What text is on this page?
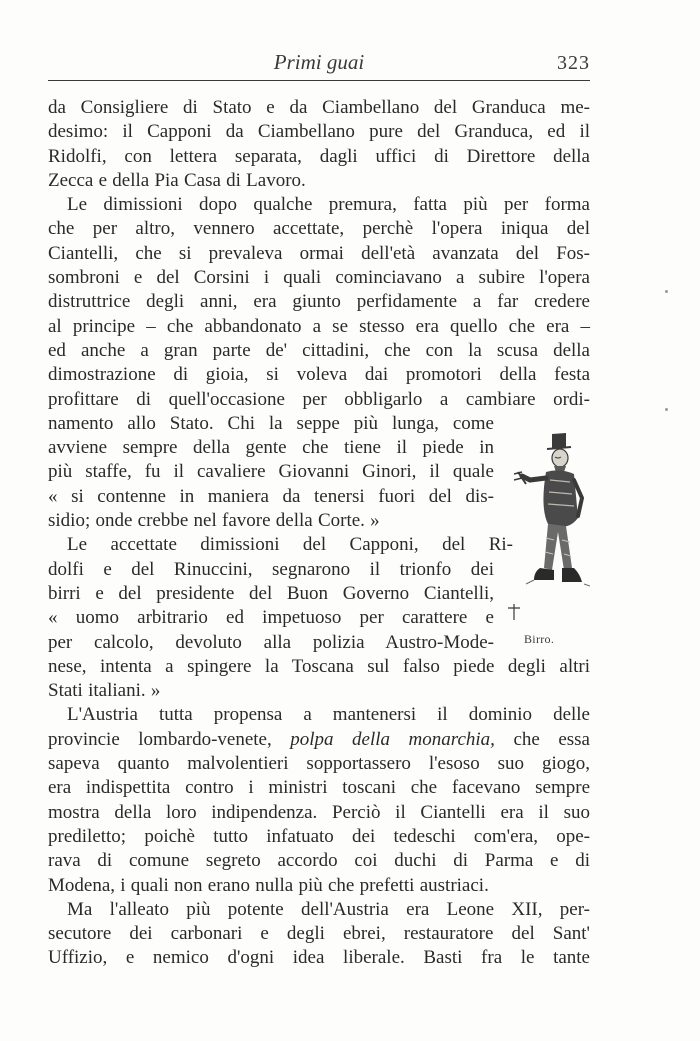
Primi guai	323
da Consigliere di Stato e da Ciambellano del Granduca me-
desimo: il Capponi da Ciambellano pure del Granduca, ed il
Ridolfi, con lettera separata, dagli uffici di Direttore della
Zecca e della Pia Casa di Lavoro.
Le dimissioni dopo qualche premura, fatta più per forma
che per altro, vennero accettate, perchè l'opera iniqua del
Ciantelli, che si prevaleva ormai dell'età avanzata del Fos-
sombroni e del Corsini i quali cominciavano a subire l'opera
distruttrice degli anni, era giunto perfidamente a far credere
al principe – che abbandonato a se stesso era quello che era –
ed anche a gran parte de' cittadini, che con la scusa della
dimostrazione di gioia, si voleva dai promotori della festa
profittare di quell'occasione per obbligarlo a cambiare ordi-
namento allo Stato. Chi la seppe più lunga, come
avviene sempre della gente che tiene il piede in
più staffe, fu il cavaliere Giovanni Ginori, il quale
« si contenne in maniera da tenersi fuori del dis-
sidio; onde crebbe nel favore della Corte. »
Le accettate dimissioni del Capponi, del Ri-
dolfi e del Rinuccini, segnarono il trionfo dei
birri e del presidente del Buon Governo Ciantelli,
« uomo arbitrario ed impetuoso per carattere e
per calcolo, devoluto alla polizia Austro-Mode-
nese, intenta a spingere la Toscana sul falso piede degli altri
Stati italiani. »
L'Austria tutta propensa a mantenersi il dominio delle
provincie lombardo-venete, polpa della monarchia, che essa
sapeva quanto malvolentieri sopportassero l'esoso suo giogo,
era indispettita contro i ministri toscani che facevano sempre
mostra della loro indipendenza. Perciò il Ciantelli era il suo
prediletto; poichè tutto infatuato dei tedeschi com'era, ope-
rava di comune segreto accordo coi duchi di Parma e di
Modena, i quali non erano nulla più che prefetti austriaci.
Ma l'alleato più potente dell'Austria era Leone XII, per-
secutore dei carbonari e degli ebrei, restauratore del Sant'
Uffizio, e nemico d'ogni idea liberale. Basti fra le tante
Birro.
